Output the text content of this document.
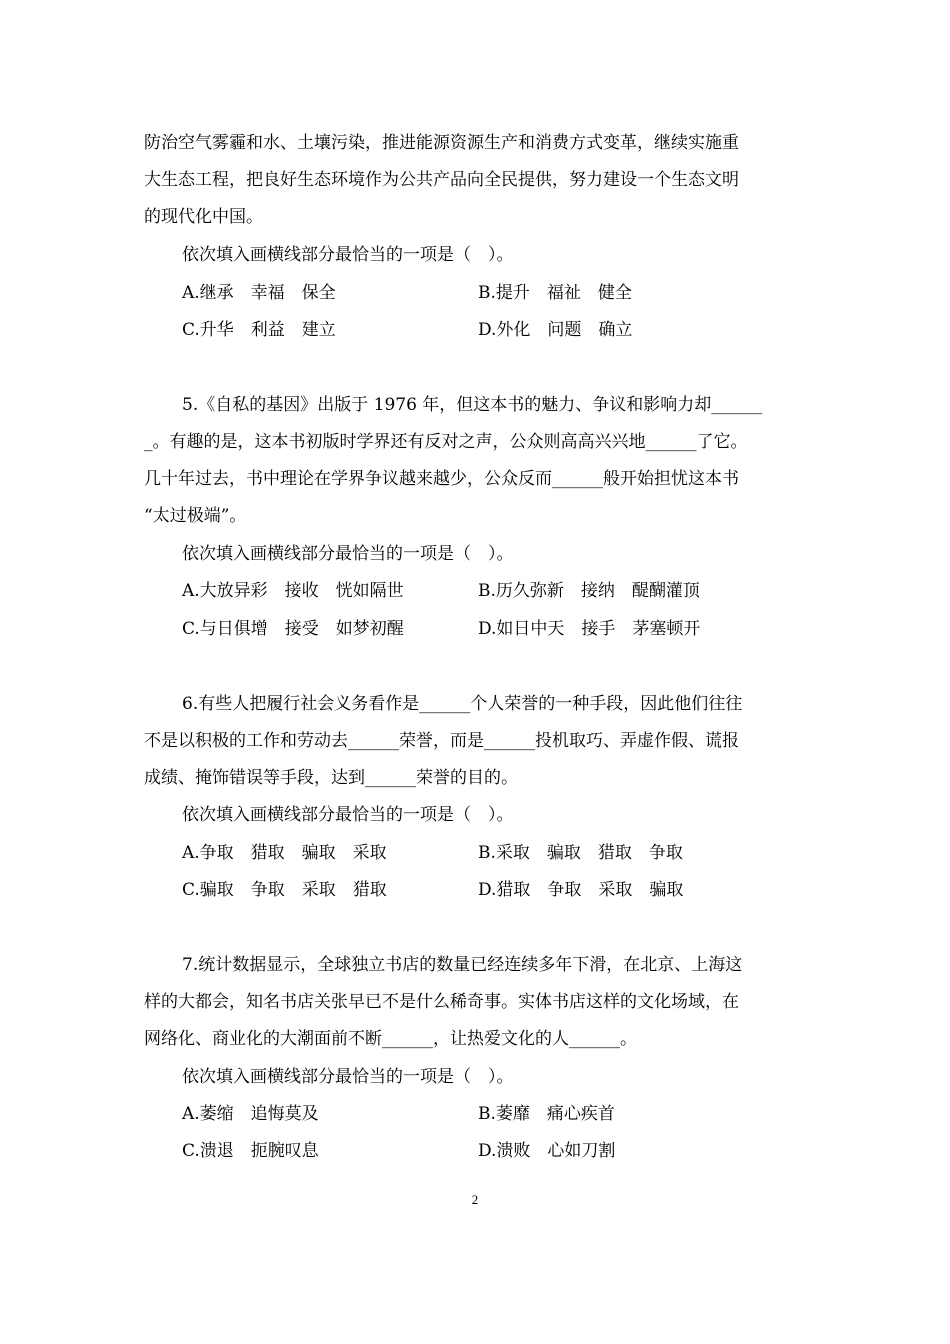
防治空气雾霾和水、土壤污染，推进能源资源生产和消费方式变革，继续实施重
大生态工程，把良好生态环境作为公共产品向全民提供，努力建设一个生态文明
的现代化中国。
依次填入画横线部分最恰当的一项是（　）。
A.继承　幸福　保全	B.提升　福祉　健全
C.升华　利益　建立	D.外化　问题　确立
5.《自私的基因》出版于 1976 年，但这本书的魅力、争议和影响力却______
_。有趣的是，这本书初版时学界还有反对之声，公众则高高兴兴地______了它。
几十年过去，书中理论在学界争议越来越少，公众反而______般开始担忧这本书
“太过极端”。
依次填入画横线部分最恰当的一项是（　）。
A.大放异彩　接收　恍如隔世	B.历久弥新　接纳　醍醐灌顶
C.与日俱增　接受　如梦初醒	D.如日中天　接手　茅塞顿开
6.有些人把履行社会义务看作是______个人荣誉的一种手段，因此他们往往
不是以积极的工作和劳动去______荣誉，而是______投机取巧、弄虚作假、谎报
成绩、掩饰错误等手段，达到______荣誉的目的。
依次填入画横线部分最恰当的一项是（　）。
A.争取　猎取　骗取　采取	B.采取　骗取　猎取　争取
C.骗取　争取　采取　猎取	D.猎取　争取　采取　骗取
7.统计数据显示，全球独立书店的数量已经连续多年下滑，在北京、上海这
样的大都会，知名书店关张早已不是什么稀奇事。实体书店这样的文化场域，在
网络化、商业化的大潮面前不断______，让热爱文化的人______。
依次填入画横线部分最恰当的一项是（　）。
A.萎缩　追悔莫及	B.萎靡　痛心疾首
C.溃退　扼腕叹息	D.溃败　心如刀割
2
